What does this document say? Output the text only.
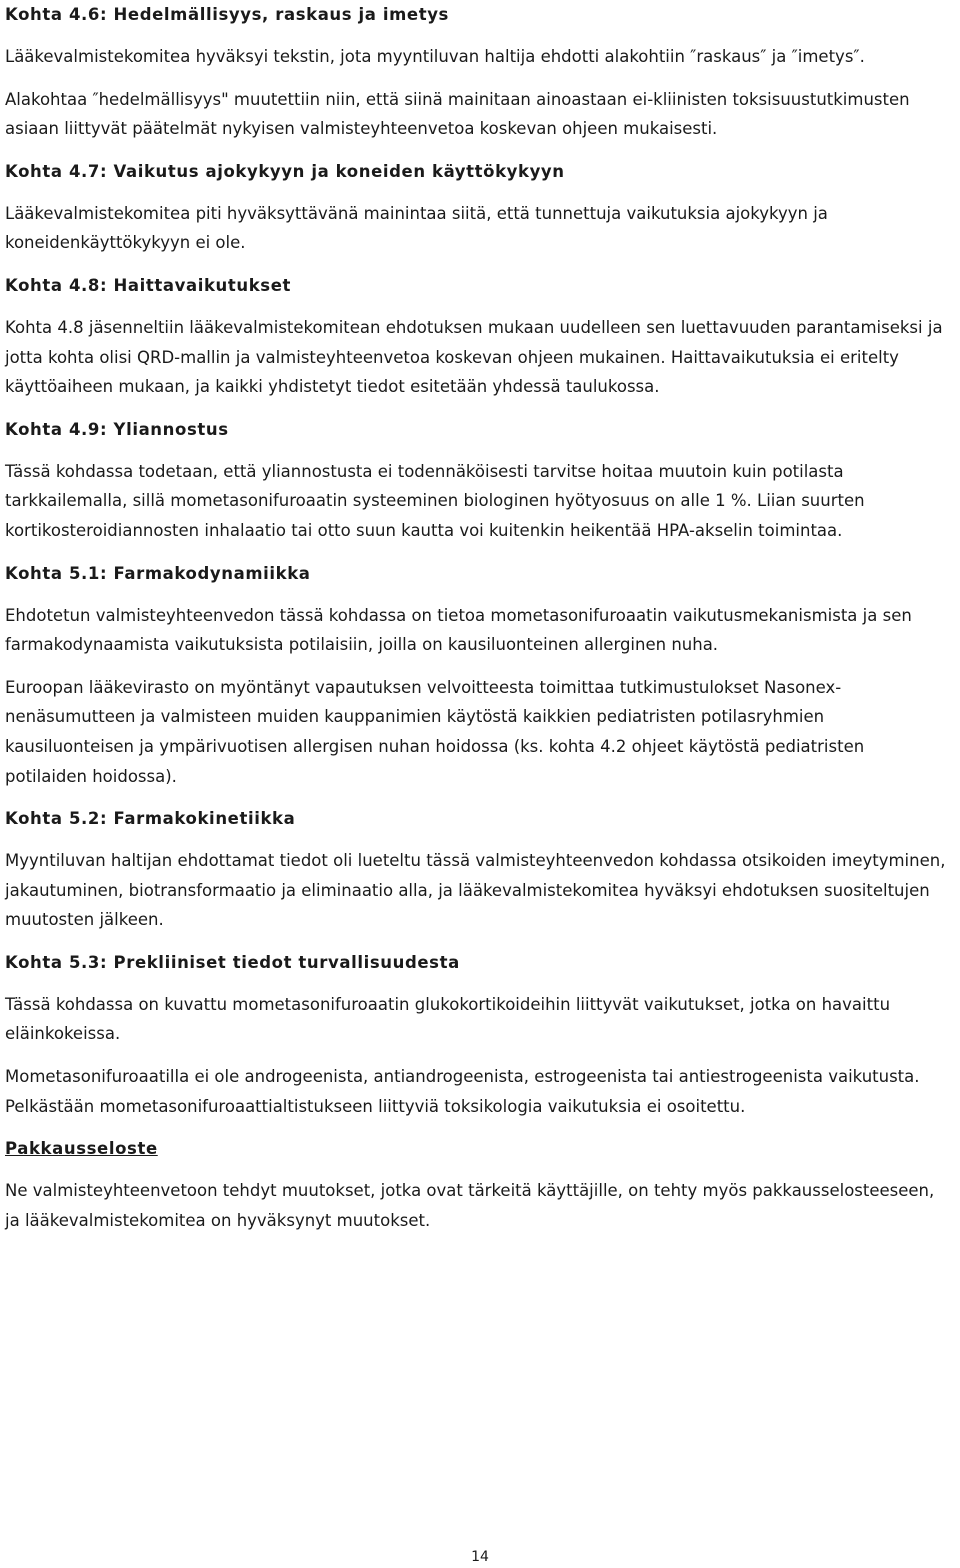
Kohta 4.6: Hedelmällisyys, raskaus ja imetys

Lääkevalmistekomitea hyväksyi tekstin, jota myyntiluvan haltija ehdotti alakohtiin ″raskaus″ ja ″imetys″.

Alakohtaa ″hedelmällisyys" muutettiin niin, että siinä mainitaan ainoastaan ei-kliinisten toksisuustutkimusten asiaan liittyvät päätelmät nykyisen valmisteyhteenvetoa koskevan ohjeen mukaisesti.

Kohta 4.7: Vaikutus ajokykyyn ja koneiden käyttökykyyn

Lääkevalmistekomitea piti hyväksyttävänä mainintaa siitä, että tunnettuja vaikutuksia ajokykyyn ja koneidenkäyttökykyyn ei ole.

Kohta 4.8: Haittavaikutukset

Kohta 4.8 jäsenneltiin lääkevalmistekomitean ehdotuksen mukaan uudelleen sen luettavuuden parantamiseksi ja jotta kohta olisi QRD-mallin ja valmisteyhteenvetoa koskevan ohjeen mukainen. Haittavaikutuksia ei eritelty käyttöaiheen mukaan, ja kaikki yhdistetyt tiedot esitetään yhdessä taulukossa.

Kohta 4.9: Yliannostus

Tässä kohdassa todetaan, että yliannostusta ei todennäköisesti tarvitse hoitaa muutoin kuin potilasta tarkkailemalla, sillä mometasonifuroaatin systeeminen biologinen hyötyosuus on alle 1 %. Liian suurten kortikosteroidiannosten inhalaatio tai otto suun kautta voi kuitenkin heikentää HPA-akselin toimintaa.

Kohta 5.1: Farmakodynamiikka

Ehdotetun valmisteyhteenvedon tässä kohdassa on tietoa mometasonifuroaatin vaikutusmekanismista ja sen farmakodynaamista vaikutuksista potilaisiin, joilla on kausiluonteinen allerginen nuha.

Euroopan lääkevirasto on myöntänyt vapautuksen velvoitteesta toimittaa tutkimustulokset Nasonex-nenäsumutteen ja valmisteen muiden kauppanimien käytöstä kaikkien pediatristen potilasryhmien kausiluonteisen ja ympärivuotisen allergisen nuhan hoidossa (ks. kohta 4.2 ohjeet käytöstä pediatristen potilaiden hoidossa).

Kohta 5.2: Farmakokinetiikka

Myyntiluvan haltijan ehdottamat tiedot oli lueteltu tässä valmisteyhteenvedon kohdassa otsikoiden imeytyminen, jakautuminen, biotransformaatio ja eliminaatio alla, ja lääkevalmistekomitea hyväksyi ehdotuksen suositeltujen muutosten jälkeen.

Kohta 5.3: Prekliiniset tiedot turvallisuudesta

Tässä kohdassa on kuvattu mometasonifuroaatin glukokortikoideihin liittyvät vaikutukset, jotka on havaittu eläinkokeissa.

Mometasonifuroaatilla ei ole androgeenista, antiandrogeenista, estrogeenista tai antiestrogeenista vaikutusta. Pelkästään mometasonifuroaattialtistukseen liittyviä toksikologia vaikutuksia ei osoitettu.

Pakkausseloste

Ne valmisteyhteenvetoon tehdyt muutokset, jotka ovat tärkeitä käyttäjille, on tehty myös pakkausselosteeseen, ja lääkevalmistekomitea on hyväksynyt muutokset.

14
